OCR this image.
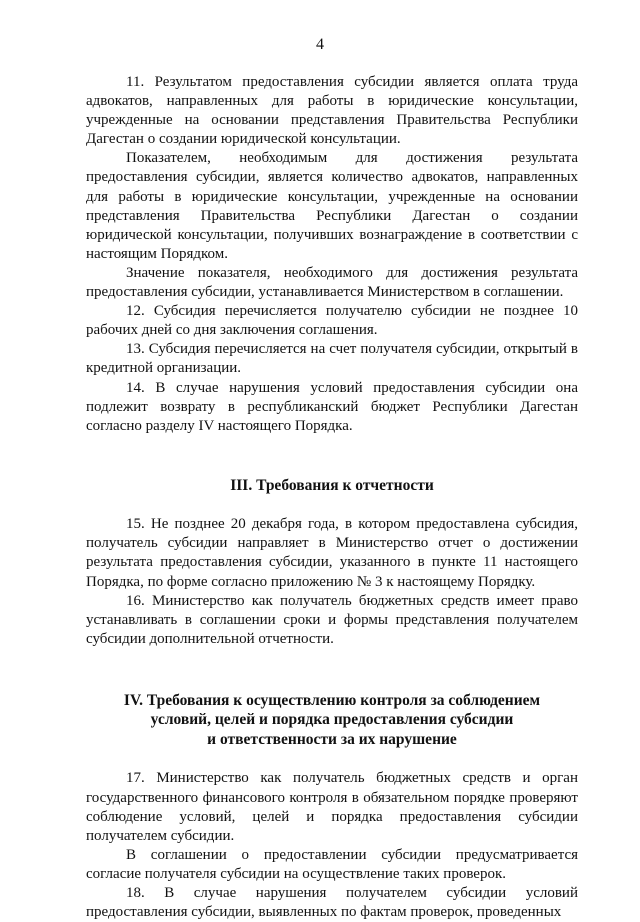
4

11. Результатом предоставления субсидии является оплата труда адвокатов, направленных для работы в юридические консультации, учрежденные на основании представления Правительства Республики Дагестан о создании юридической консультации.

Показателем, необходимым для достижения результата предоставления субсидии, является количество адвокатов, направленных для работы в юридические консультации, учрежденные на основании представления Правительства Республики Дагестан о создании юридической консультации, получивших вознаграждение в соответствии с настоящим Порядком.

Значение показателя, необходимого для достижения результата предоставления субсидии, устанавливается Министерством в соглашении.

12. Субсидия перечисляется получателю субсидии не позднее 10 рабочих дней со дня заключения соглашения.

13. Субсидия перечисляется на счет получателя субсидии, открытый в кредитной организации.

14. В случае нарушения условий предоставления субсидии она подлежит возврату в республиканский бюджет Республики Дагестан согласно разделу IV настоящего Порядка.

III. Требования к отчетности

15. Не позднее 20 декабря года, в котором предоставлена субсидия, получатель субсидии направляет в Министерство отчет о достижении результата предоставления субсидии, указанного в пункте 11 настоящего Порядка, по форме согласно приложению № 3 к настоящему Порядку.

16. Министерство как получатель бюджетных средств имеет право устанавливать в соглашении сроки и формы представления получателем субсидии дополнительной отчетности.

IV. Требования к осуществлению контроля за соблюдением
условий, целей и порядка предоставления субсидии
и ответственности за их нарушение

17. Министерство как получатель бюджетных средств и орган государственного финансового контроля в обязательном порядке проверяют соблюдение условий, целей и порядка предоставления субсидии получателем субсидии.

В соглашении о предоставлении субсидии предусматривается согласие получателя субсидии на осуществление таких проверок.

18. В случае нарушения получателем субсидии условий предоставления субсидии, выявленных по фактам проверок, проведенных
